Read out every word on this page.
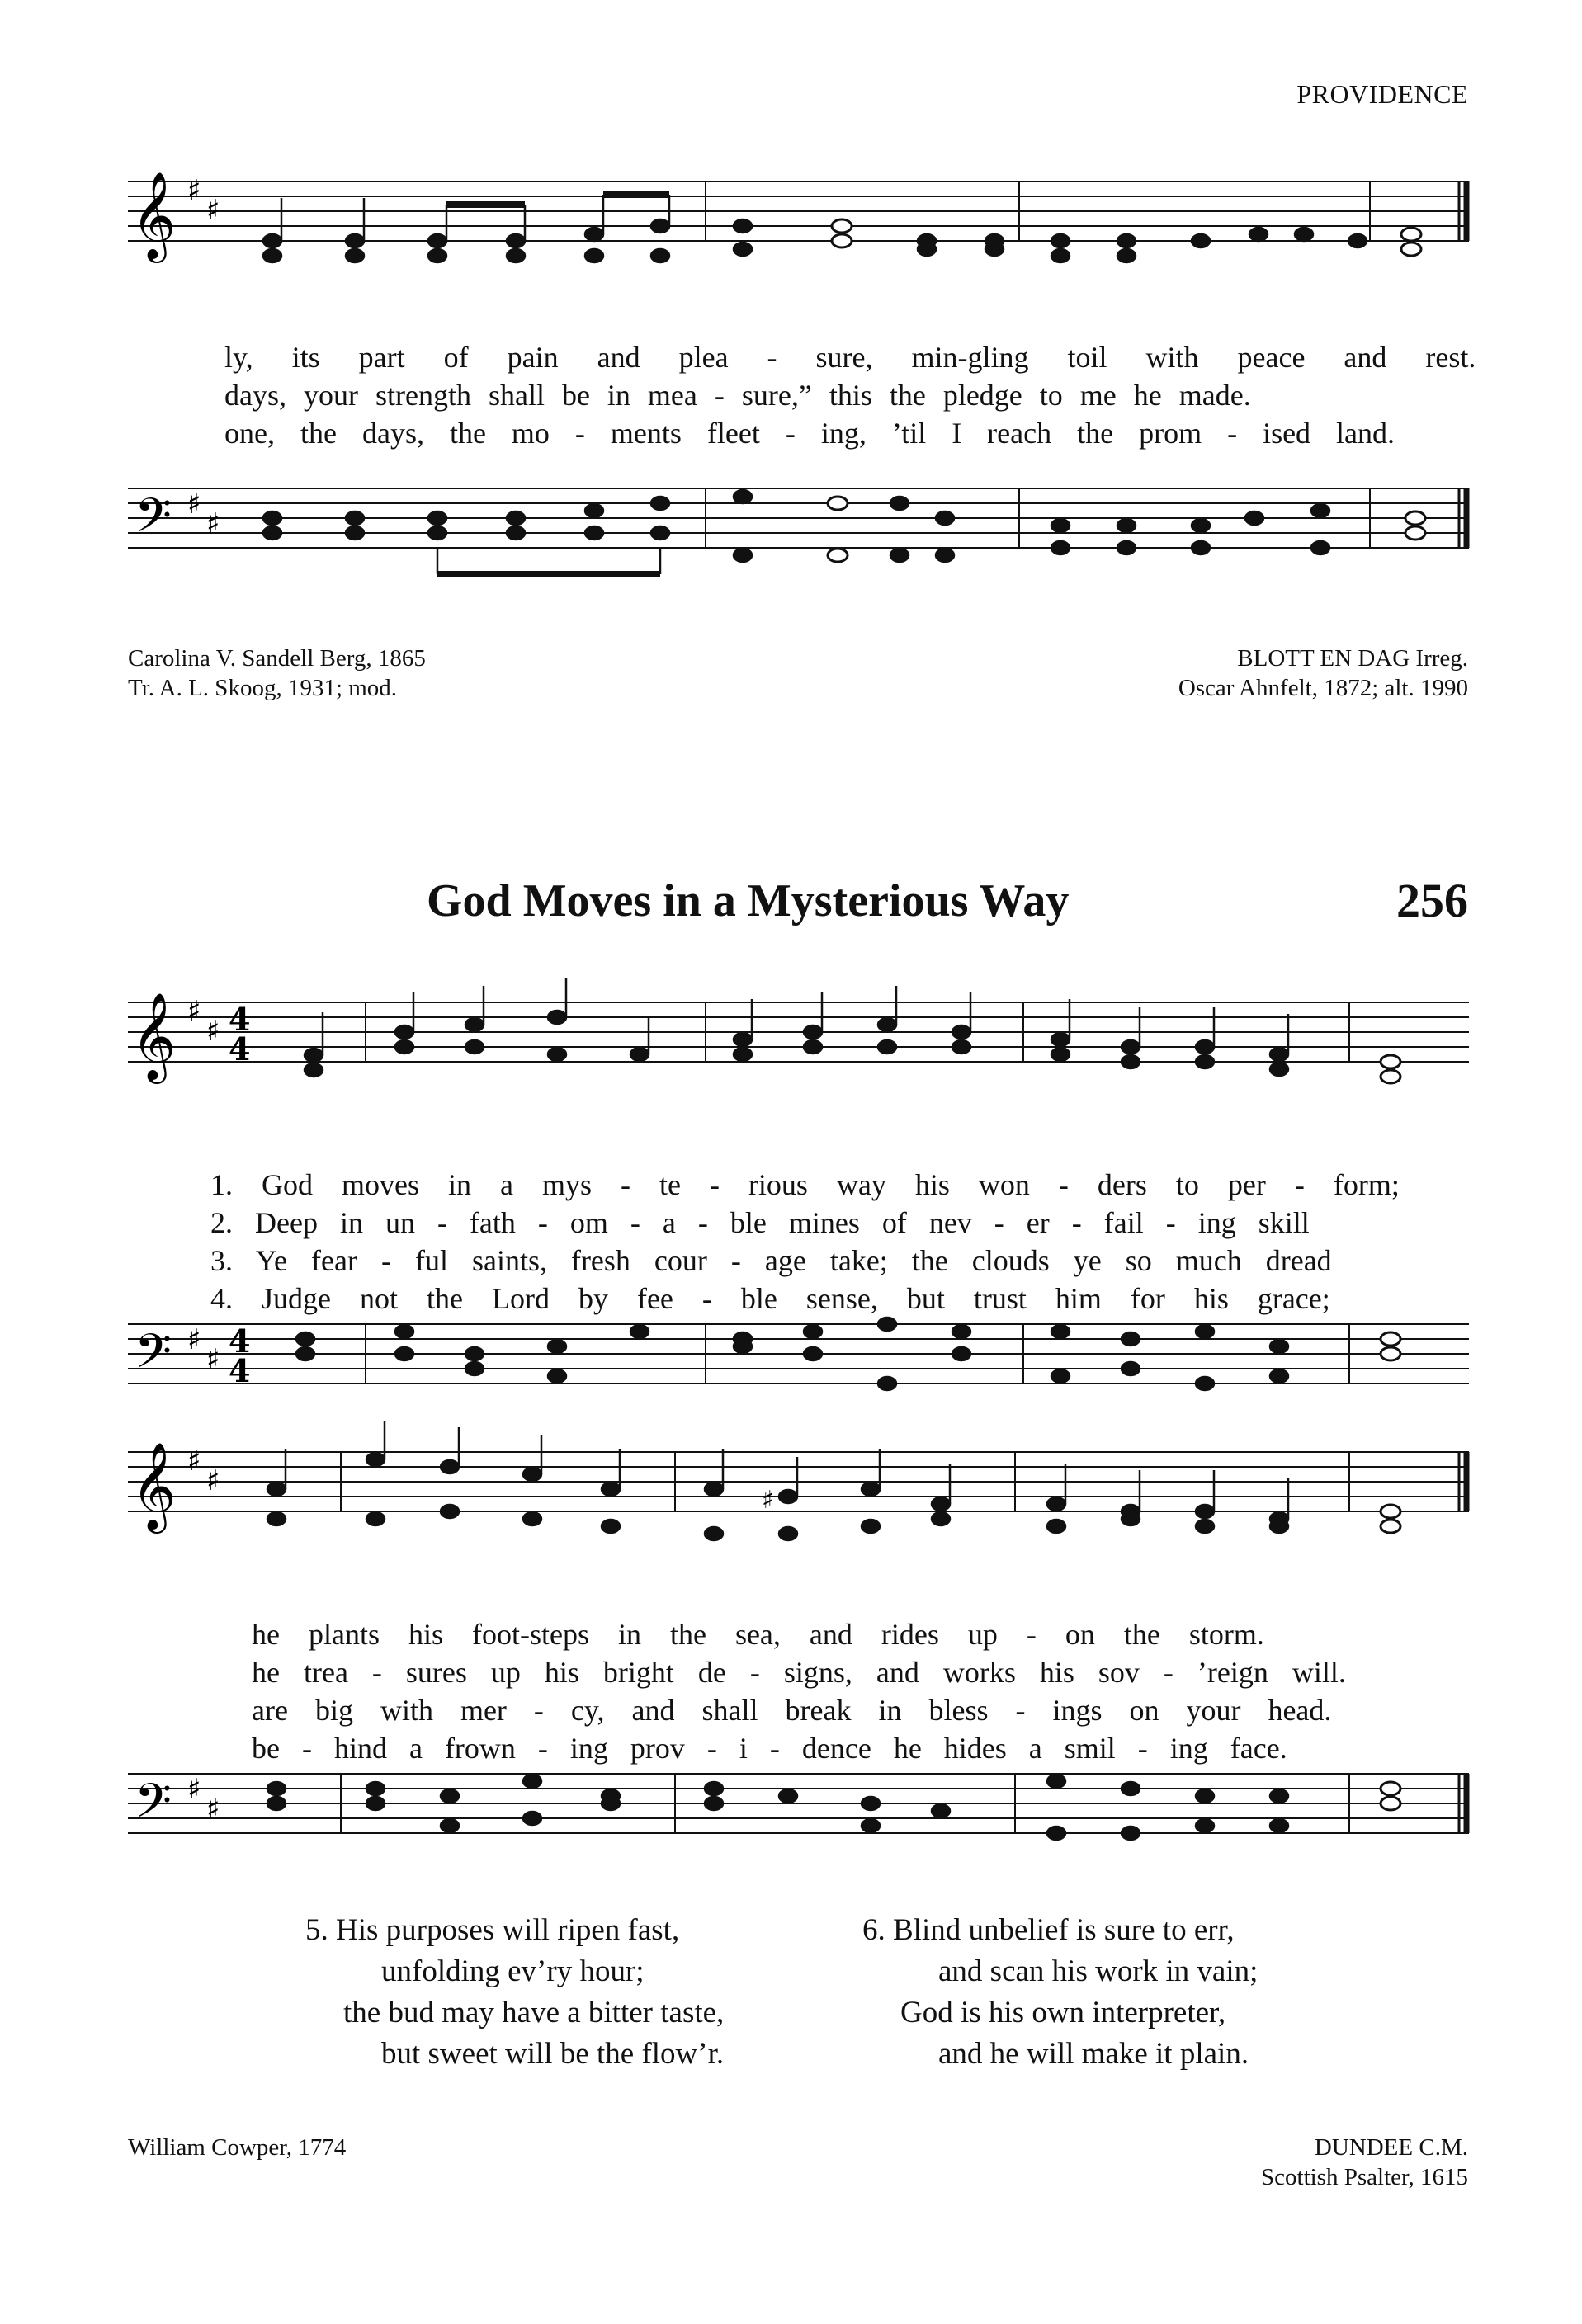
PROVIDENCE
𝄞 ♯
♯
ly, its part of pain and plea - sure, min-gling toil with peace and rest.
days, your strength shall be in mea - sure,” this the pledge to me he made.
one, the days, the mo - ments fleet - ing, ’til I reach the prom - ised land.
𝄢 ♯
♯
Carolina V. Sandell Berg, 1865
Tr. A. L. Skoog, 1931; mod.
BLOTT EN DAG Irreg.
Oscar Ahnfelt, 1872; alt. 1990
God Moves in a Mysterious Way	256
𝄞 ♯
♯ 4
4
1. God moves in a mys - te - rious way his won - ders to per - form;
2. Deep in un - fath - om - a - ble mines of nev - er - fail - ing skill
3. Ye fear - ful saints, fresh cour - age take; the clouds ye so much dread
4. Judge not the Lord by fee - ble sense, but trust him for his grace;
𝄢 ♯
♯ 4
4
𝄞 ♯
♯
♯
he plants his foot-steps in the sea, and rides up - on the storm.
he trea - sures up his bright de - signs, and works his sov - ’reign will.
are big with mer - cy, and shall break in bless - ings on your head.
be - hind a frown - ing prov - i - dence he hides a smil - ing face.
𝄢 ♯
♯
5. His purposes will ripen fast,
unfolding ev’ry hour;
the bud may have a bitter taste,
but sweet will be the flow’r.
6. Blind unbelief is sure to err,
and scan his work in vain;
God is his own interpreter,
and he will make it plain.
William Cowper, 1774	DUNDEE C.M.
Scottish Psalter, 1615
